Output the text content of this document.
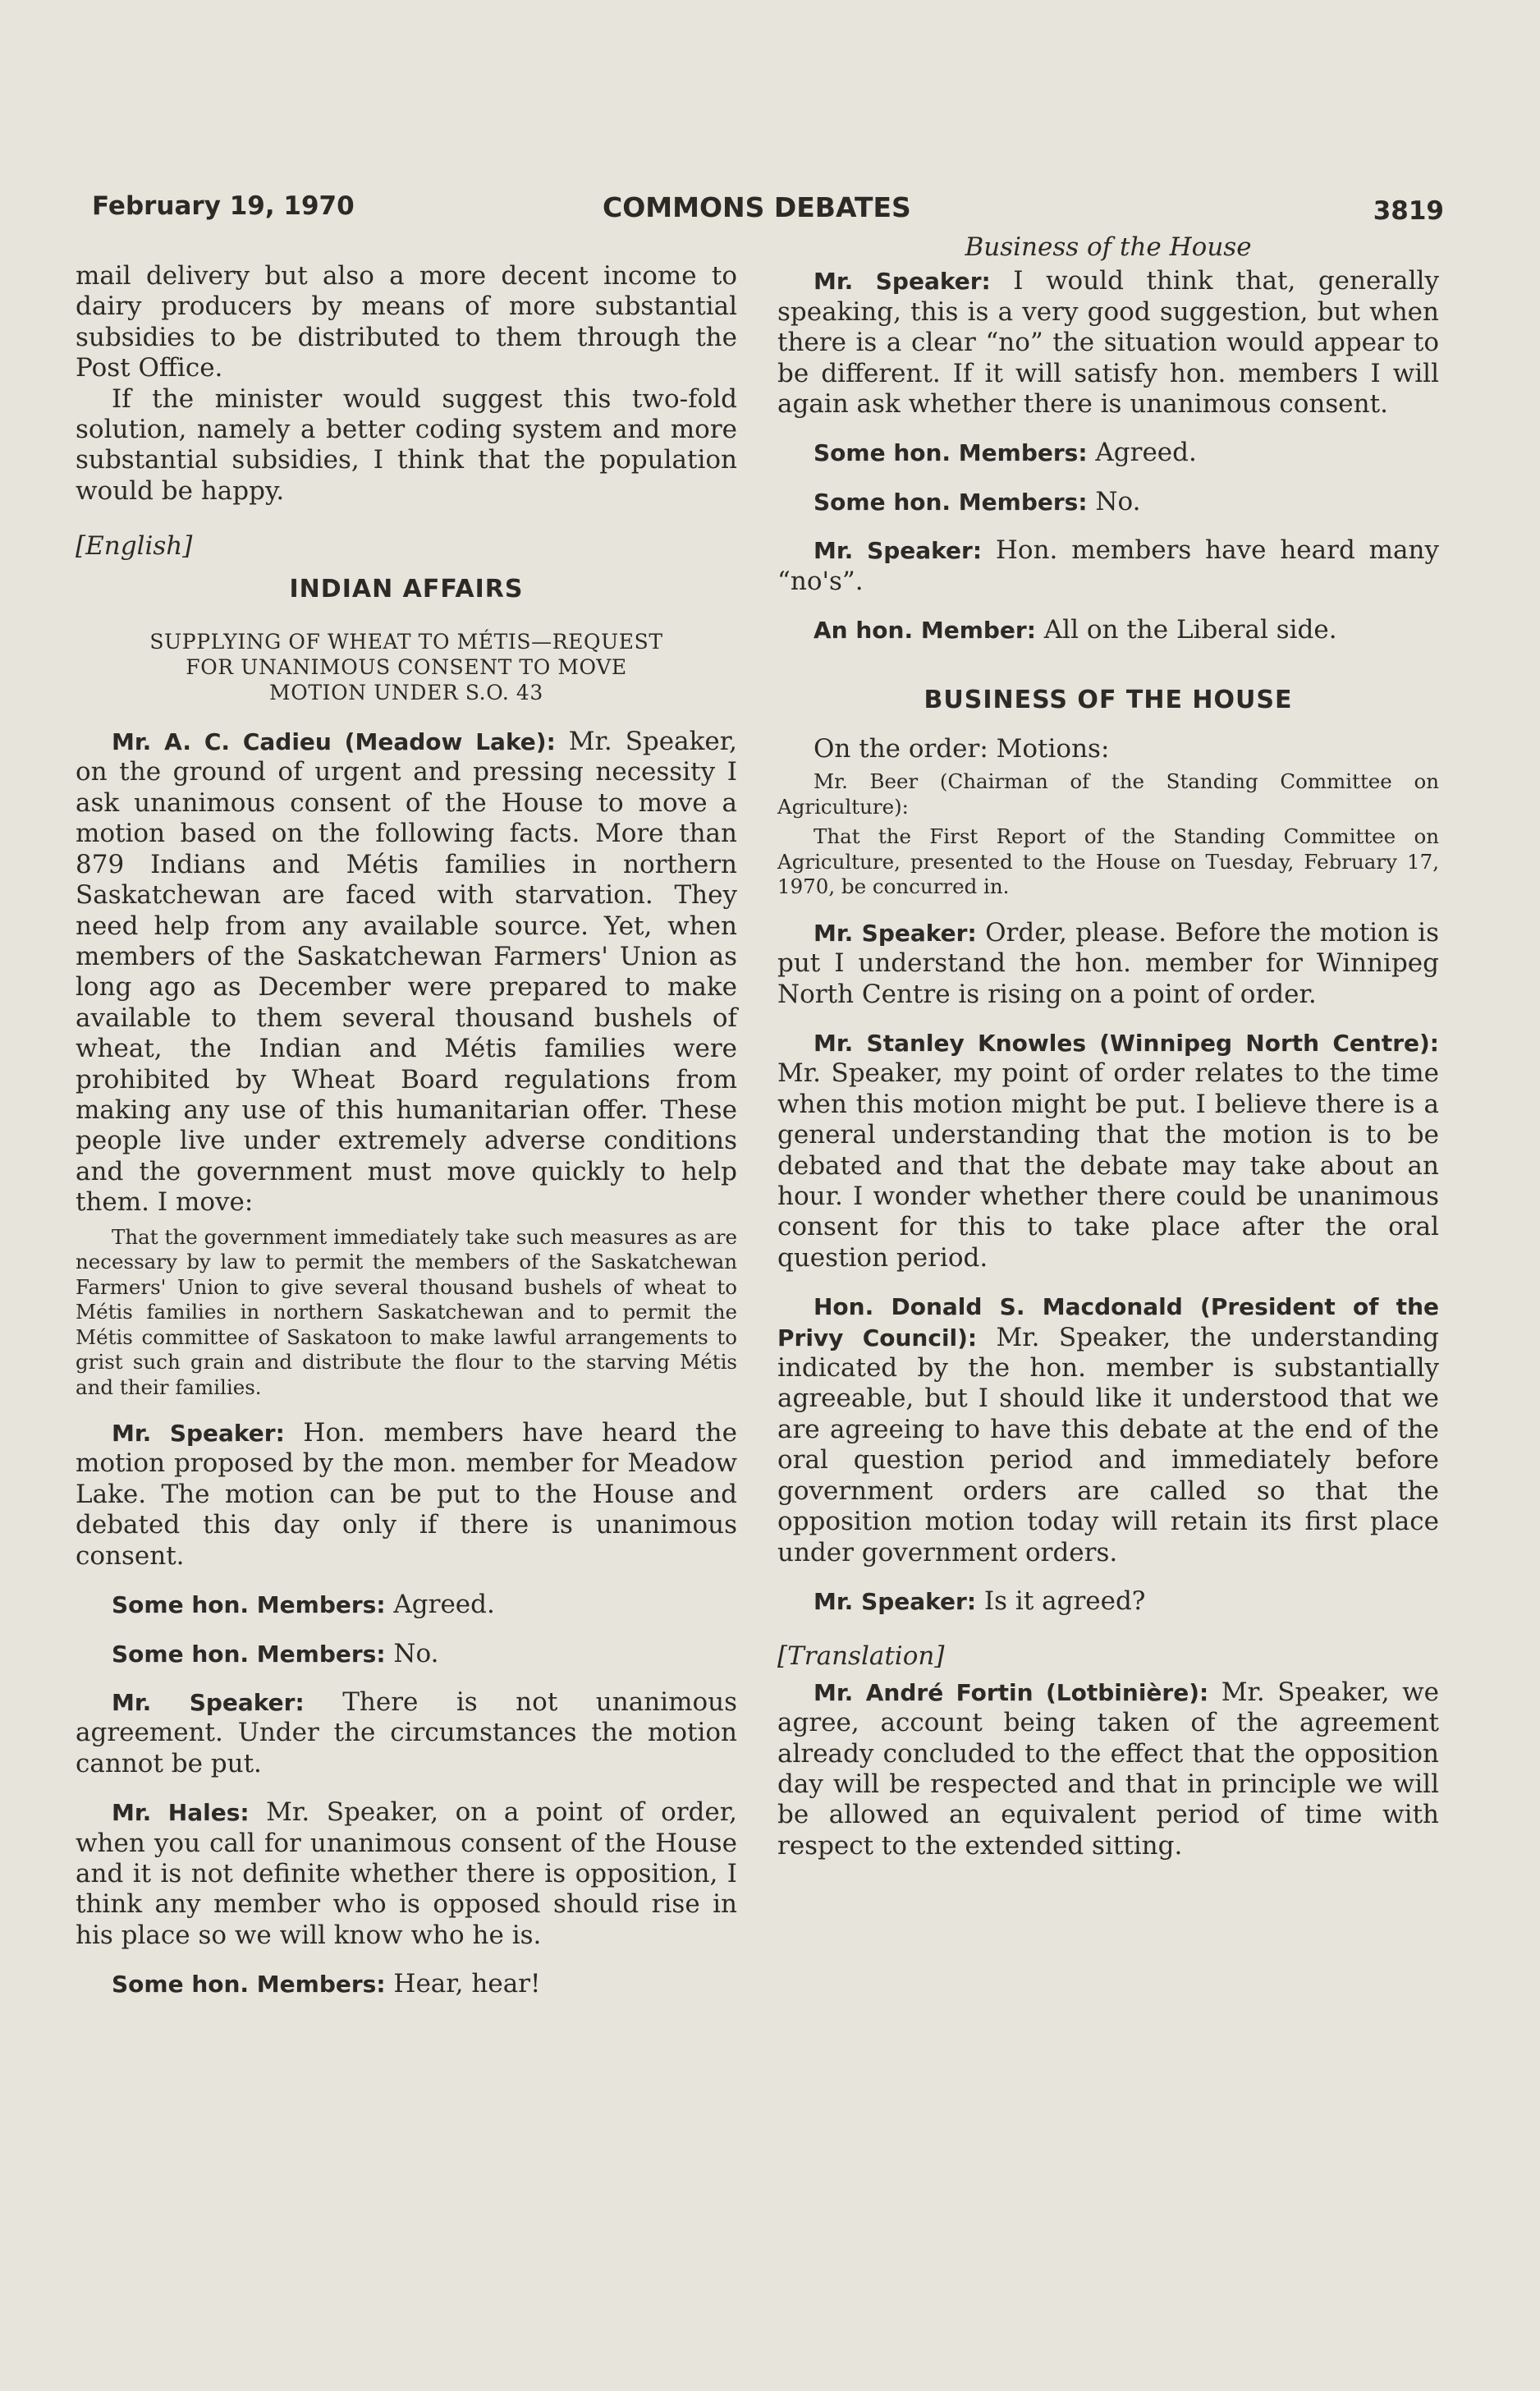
February 19, 1970	COMMONS DEBATES	3819

mail delivery but also a more decent income to dairy producers by means of more substantial subsidies to be distributed to them through the Post Office.

If the minister would suggest this two-fold solution, namely a better coding system and more substantial subsidies, I think that the population would be happy.

[English]

INDIAN AFFAIRS
SUPPLYING OF WHEAT TO MÉTIS—REQUEST
FOR UNANIMOUS CONSENT TO MOVE
MOTION UNDER S.O. 43

Mr. A. C. Cadieu (Meadow Lake): Mr. Speaker, on the ground of urgent and pressing necessity I ask unanimous consent of the House to move a motion based on the following facts. More than 879 Indians and Métis families in northern Saskatchewan are faced with starvation. They need help from any available source. Yet, when members of the Saskatchewan Farmers' Union as long ago as December were prepared to make available to them several thousand bushels of wheat, the Indian and Métis families were prohibited by Wheat Board regulations from making any use of this humanitarian offer. These people live under extremely adverse conditions and the government must move quickly to help them. I move:

That the government immediately take such measures as are necessary by law to permit the members of the Saskatchewan Farmers' Union to give several thousand bushels of wheat to Métis families in northern Saskatchewan and to permit the Métis committee of Saskatoon to make lawful arrangements to grist such grain and distribute the flour to the starving Métis and their families.

Mr. Speaker: Hon. members have heard the motion proposed by the mon. member for Meadow Lake. The motion can be put to the House and debated this day only if there is unanimous consent.

Some hon. Members: Agreed.

Some hon. Members: No.

Mr. Speaker: There is not unanimous agreement. Under the circumstances the motion cannot be put.

Mr. Hales: Mr. Speaker, on a point of order, when you call for unanimous consent of the House and it is not definite whether there is opposition, I think any member who is opposed should rise in his place so we will know who he is.

Some hon. Members: Hear, hear!

Business of the House

Mr. Speaker: I would think that, generally speaking, this is a very good suggestion, but when there is a clear “no” the situation would appear to be different. If it will satisfy hon. members I will again ask whether there is unanimous consent.

Some hon. Members: Agreed.

Some hon. Members: No.

Mr. Speaker: Hon. members have heard many “no's”.

An hon. Member: All on the Liberal side.

BUSINESS OF THE HOUSE

On the order: Motions:

Mr. Beer (Chairman of the Standing Committee on Agriculture):

That the First Report of the Standing Committee on Agriculture, presented to the House on Tuesday, February 17, 1970, be concurred in.

Mr. Speaker: Order, please. Before the motion is put I understand the hon. member for Winnipeg North Centre is rising on a point of order.

Mr. Stanley Knowles (Winnipeg North Centre): Mr. Speaker, my point of order relates to the time when this motion might be put. I believe there is a general understanding that the motion is to be debated and that the debate may take about an hour. I wonder whether there could be unanimous consent for this to take place after the oral question period.

Hon. Donald S. Macdonald (President of the Privy Council): Mr. Speaker, the understanding indicated by the hon. member is substantially agreeable, but I should like it understood that we are agreeing to have this debate at the end of the oral question period and immediately before government orders are called so that the opposition motion today will retain its first place under government orders.

Mr. Speaker: Is it agreed?

[Translation]

Mr. André Fortin (Lotbinière): Mr. Speaker, we agree, account being taken of the agreement already concluded to the effect that the opposition day will be respected and that in principle we will be allowed an equivalent period of time with respect to the extended sitting.
